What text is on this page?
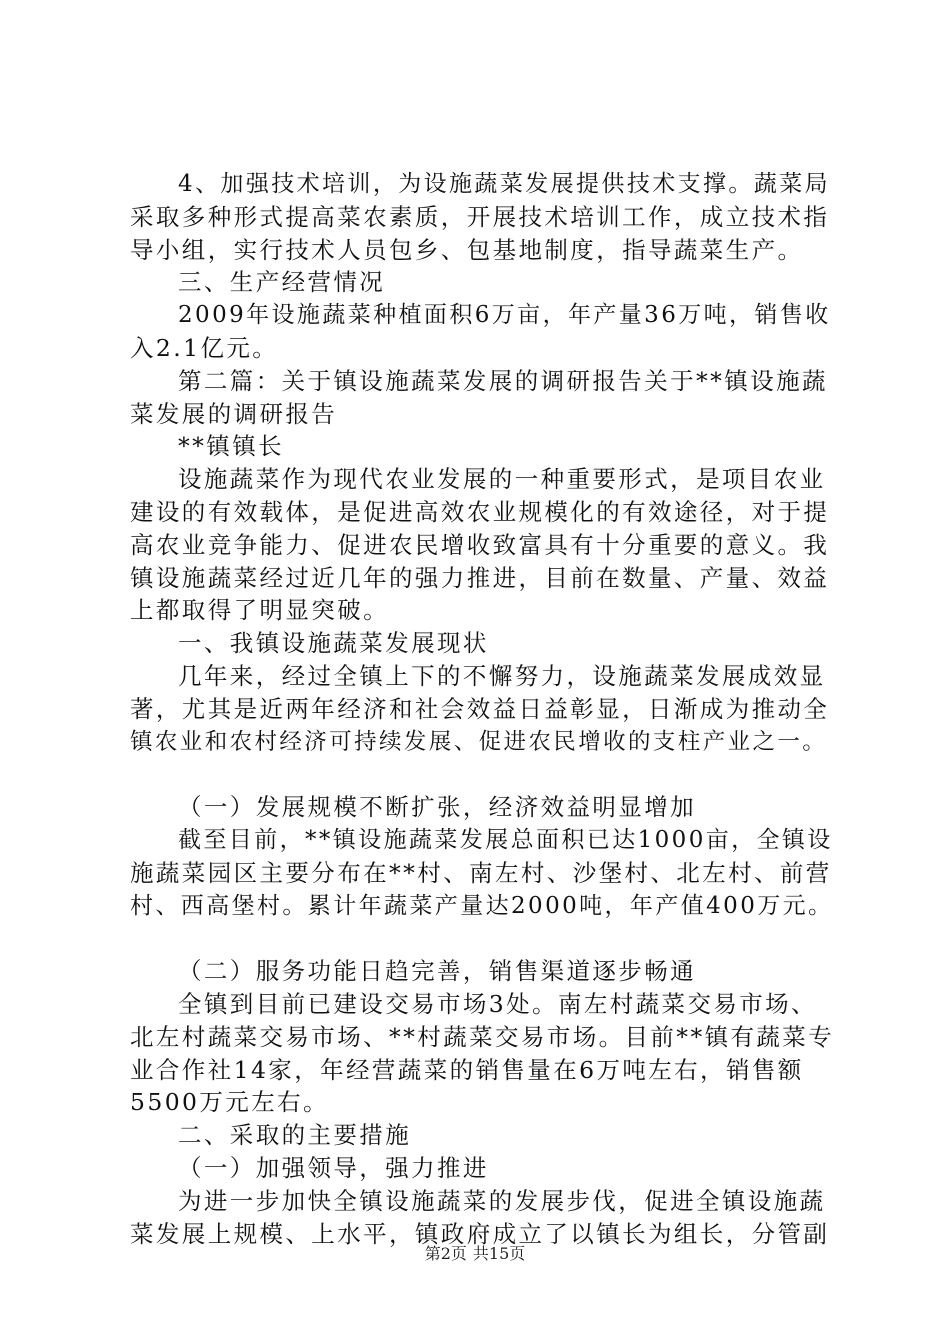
4、加强技术培训，为设施蔬菜发展提供技术支撑。蔬菜局
采取多种形式提高菜农素质，开展技术培训工作，成立技术指
导小组，实行技术人员包乡、包基地制度，指导蔬菜生产。
三、生产经营情况
2009年设施蔬菜种植面积6万亩，年产量36万吨，销售收
入2.1亿元。
第二篇：关于镇设施蔬菜发展的调研报告关于**镇设施蔬
菜发展的调研报告
**镇镇长
设施蔬菜作为现代农业发展的一种重要形式，是项目农业
建设的有效载体，是促进高效农业规模化的有效途径，对于提
高农业竞争能力、促进农民增收致富具有十分重要的意义。我
镇设施蔬菜经过近几年的强力推进，目前在数量、产量、效益
上都取得了明显突破。
一、我镇设施蔬菜发展现状
几年来，经过全镇上下的不懈努力，设施蔬菜发展成效显
著，尤其是近两年经济和社会效益日益彰显，日渐成为推动全
镇农业和农村经济可持续发展、促进农民增收的支柱产业之一。
（一）发展规模不断扩张，经济效益明显增加
截至目前，**镇设施蔬菜发展总面积已达1000亩，全镇设
施蔬菜园区主要分布在**村、南左村、沙堡村、北左村、前营
村、西高堡村。累计年蔬菜产量达2000吨，年产值400万元。
（二）服务功能日趋完善，销售渠道逐步畅通
全镇到目前已建设交易市场3处。南左村蔬菜交易市场、
北左村蔬菜交易市场、**村蔬菜交易市场。目前**镇有蔬菜专
业合作社14家，年经营蔬菜的销售量在6万吨左右，销售额
5500万元左右。
二、采取的主要措施
（一）加强领导，强力推进
为进一步加快全镇设施蔬菜的发展步伐，促进全镇设施蔬
菜发展上规模、上水平，镇政府成立了以镇长为组长，分管副
第2页 共15页
